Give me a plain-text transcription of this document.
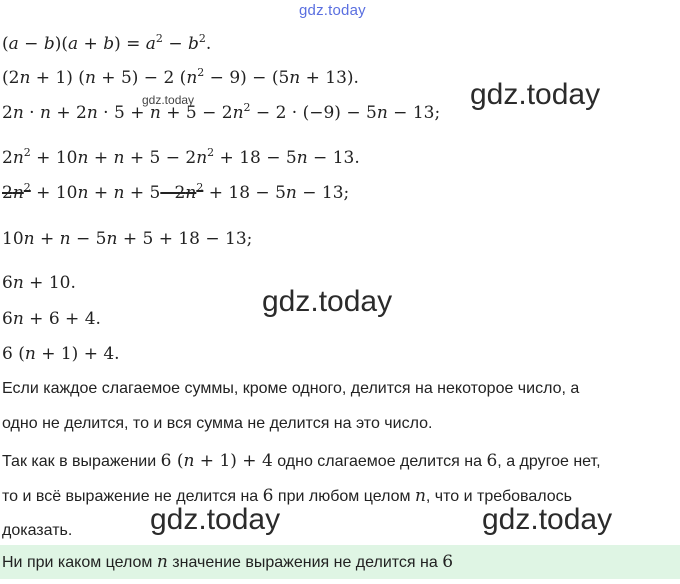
gdz.today
$(a - b)(a + b) = a^2 - b^2$.
(2n + 1) (n + 5) − 2 $(n^2 - 9) - (5n + 13)$.
$2n \cdot n + 2n \cdot 5 + n + 5 - 2n^2 - 2 \cdot (-9) - 5n - 13$;
gdz.today	gdz.today
$2n^2 + 10n + n + 5 - 2n^2 + 18 - 5n - 13$.
$2n^2 + 10n + n + 5-2n^2 + 18 - 5n - 13$;
10n + n − 5n + 5 + 18 − 13;
6n + 10.
gdz.today
6n + 6 + 4.
6 (n + 1) + 4.
Если каждое слагаемое суммы, кроме одного, делится на некоторое число, а
одно не делится, то и вся сумма не делится на это число.
Так как в выражении 6 (n + 1) + 4 одно слагаемое делится на 6, а другое нет,
то и всё выражение не делится на 6 при любом целом n, что и требовалось
доказать.	gdz.today	gdz.today
Ни при каком целом n значение выражения не делится на 6
